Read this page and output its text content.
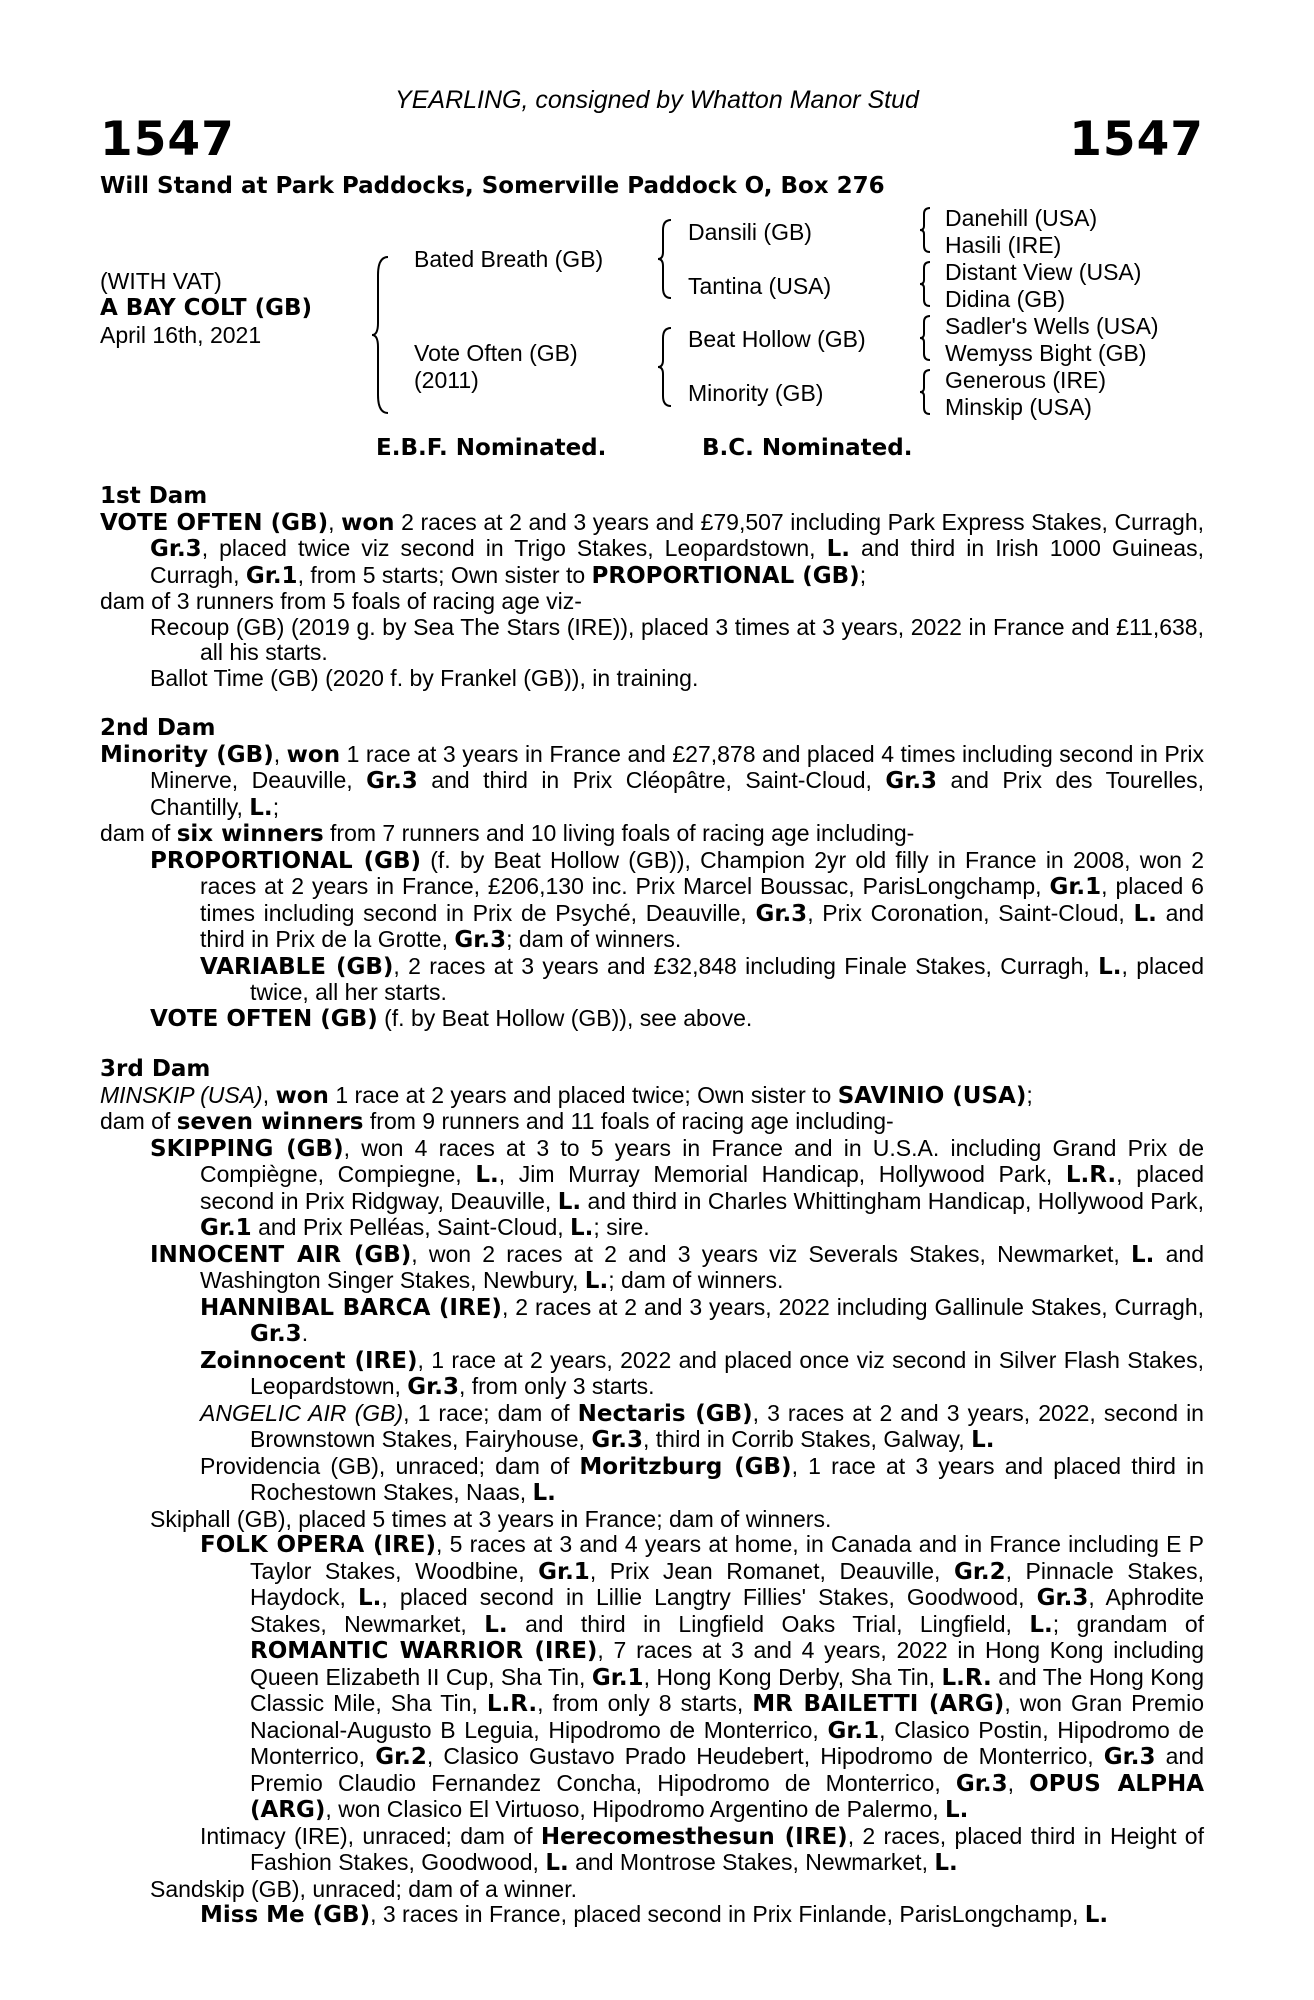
YEARLING, consigned by Whatton Manor Stud
1547	1547
Will Stand at Park Paddocks, Somerville Paddock O, Box 276
(WITH VAT)
A BAY COLT (GB)
April 16th, 2021
Bated Breath (GB)
Vote Often (GB)
(2011)
Dansili (GB)
Tantina (USA)
Beat Hollow (GB)
Minority (GB)
Danehill (USA)
Hasili (IRE)
Distant View (USA)
Didina (GB)
Sadler's Wells (USA)
Wemyss Bight (GB)
Generous (IRE)
Minskip (USA)
E.B.F. Nominated.	B.C. Nominated.

1st Dam

VOTE OFTEN (GB), won 2 races at 2 and 3 years and £79,507 including Park Express Stakes, Curragh, Gr.3, placed twice viz second in Trigo Stakes, Leopardstown, L. and third in Irish 1000 Guineas, Curragh, Gr.1, from 5 starts; Own sister to PROPORTIONAL (GB);

dam of 3 runners from 5 foals of racing age viz-

Recoup (GB) (2019 g. by Sea The Stars (IRE)), placed 3 times at 3 years, 2022 in France and £11,638, all his starts.

Ballot Time (GB) (2020 f. by Frankel (GB)), in training.

2nd Dam

Minority (GB), won 1 race at 3 years in France and £27,878 and placed 4 times including second in Prix Minerve, Deauville, Gr.3 and third in Prix Cléopâtre, Saint-Cloud, Gr.3 and Prix des Tourelles, Chantilly, L.;

dam of six winners from 7 runners and 10 living foals of racing age including-

PROPORTIONAL (GB) (f. by Beat Hollow (GB)), Champion 2yr old filly in France in 2008, won 2 races at 2 years in France, £206,130 inc. Prix Marcel Boussac, ParisLongchamp, Gr.1, placed 6 times including second in Prix de Psyché, Deauville, Gr.3, Prix Coronation, Saint-Cloud, L. and third in Prix de la Grotte, Gr.3; dam of winners.

VARIABLE (GB), 2 races at 3 years and £32,848 including Finale Stakes, Curragh, L., placed twice, all her starts.

VOTE OFTEN (GB) (f. by Beat Hollow (GB)), see above.

3rd Dam

MINSKIP (USA), won 1 race at 2 years and placed twice; Own sister to SAVINIO (USA);

dam of seven winners from 9 runners and 11 foals of racing age including-

SKIPPING (GB), won 4 races at 3 to 5 years in France and in U.S.A. including Grand Prix de Compiègne, Compiegne, L., Jim Murray Memorial Handicap, Hollywood Park, L.R., placed second in Prix Ridgway, Deauville, L. and third in Charles Whittingham Handicap, Hollywood Park, Gr.1 and Prix Pelléas, Saint-Cloud, L.; sire.

INNOCENT AIR (GB), won 2 races at 2 and 3 years viz Severals Stakes, Newmarket, L. and Washington Singer Stakes, Newbury, L.; dam of winners.

HANNIBAL BARCA (IRE), 2 races at 2 and 3 years, 2022 including Gallinule Stakes, Curragh, Gr.3.

Zoinnocent (IRE), 1 race at 2 years, 2022 and placed once viz second in Silver Flash Stakes, Leopardstown, Gr.3, from only 3 starts.

ANGELIC AIR (GB), 1 race; dam of Nectaris (GB), 3 races at 2 and 3 years, 2022, second in Brownstown Stakes, Fairyhouse, Gr.3, third in Corrib Stakes, Galway, L.

Providencia (GB), unraced; dam of Moritzburg (GB), 1 race at 3 years and placed third in Rochestown Stakes, Naas, L.

Skiphall (GB), placed 5 times at 3 years in France; dam of winners.

FOLK OPERA (IRE), 5 races at 3 and 4 years at home, in Canada and in France including E P Taylor Stakes, Woodbine, Gr.1, Prix Jean Romanet, Deauville, Gr.2, Pinnacle Stakes, Haydock, L., placed second in Lillie Langtry Fillies' Stakes, Goodwood, Gr.3, Aphrodite Stakes, Newmarket, L. and third in Lingfield Oaks Trial, Lingfield, L.; grandam of ROMANTIC WARRIOR (IRE), 7 races at 3 and 4 years, 2022 in Hong Kong including Queen Elizabeth II Cup, Sha Tin, Gr.1, Hong Kong Derby, Sha Tin, L.R. and The Hong Kong Classic Mile, Sha Tin, L.R., from only 8 starts, MR BAILETTI (ARG), won Gran Premio Nacional-Augusto B Leguia, Hipodromo de Monterrico, Gr.1, Clasico Postin, Hipodromo de Monterrico, Gr.2, Clasico Gustavo Prado Heudebert, Hipodromo de Monterrico, Gr.3 and Premio Claudio Fernandez Concha, Hipodromo de Monterrico, Gr.3, OPUS ALPHA (ARG), won Clasico El Virtuoso, Hipodromo Argentino de Palermo, L.

Intimacy (IRE), unraced; dam of Herecomesthesun (IRE), 2 races, placed third in Height of Fashion Stakes, Goodwood, L. and Montrose Stakes, Newmarket, L.

Sandskip (GB), unraced; dam of a winner.

Miss Me (GB), 3 races in France, placed second in Prix Finlande, ParisLongchamp, L.
